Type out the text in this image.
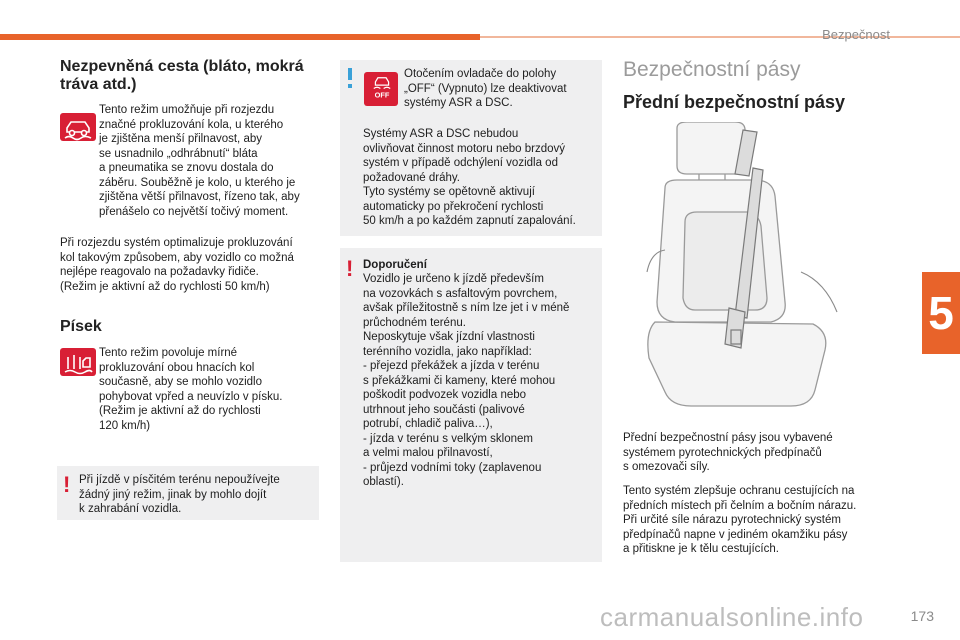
Bezpečnost
5
Nezpevněná cesta (bláto, mokrá tráva atd.)
Tento režim umožňuje při rozjezdu
značné prokluzování kola, u kterého
je zjištěna menší přilnavost, aby
se usnadnilo „odhrábnutí“ bláta
a pneumatika se znovu dostala do
záběru. Souběžně je kolo, u kterého je
zjištěna větší přilnavost, řízeno tak, aby
přenášelo co největší točivý moment.
Při rozjezdu systém optimalizuje prokluzování
kol takovým způsobem, aby vozidlo co možná
nejlépe reagovalo na požadavky řidiče.
(Režim je aktivní až do rychlosti 50 km/h)
Písek
Tento režim povoluje mírné
prokluzování obou hnacích kol
současně, aby se mohlo vozidlo
pohybovat vpřed a neuvízlo v písku.
(Režim je aktivní až do rychlosti
120 km/h)
! Při jízdě v písčitém terénu nepoužívejte
žádný jiný režim, jinak by mohlo dojít
k zahrabání vozidla.
OFF
Otočením ovladače do polohy
„OFF“ (Vypnuto) lze deaktivovat
systémy ASR a DSC.
Systémy ASR a DSC nebudou
ovlivňovat činnost motoru nebo brzdový
systém v případě odchýlení vozidla od
požadované dráhy.
Tyto systémy se opětovně aktivují
automaticky po překročení rychlosti
50 km/h a po každém zapnutí zapalování.
! Doporučení
Vozidlo je určeno k jízdě především
na vozovkách s asfaltovým povrchem,
avšak příležitostně s ním lze jet i v méně
průchodném terénu.
Neposkytuje však jízdní vlastnosti
terénního vozidla, jako například:
- přejezd překážek a jízda v terénu
s překážkami či kameny, které mohou
poškodit podvozek vozidla nebo
utrhnout jeho součásti (palivové
potrubí, chladič paliva…),
- jízda v terénu s velkým sklonem
a velmi malou přilnavostí,
- průjezd vodními toky (zaplavenou
oblastí).
Bezpečnostní pásy
Přední bezpečnostní pásy
Přední bezpečnostní pásy jsou vybavené
systémem pyrotechnických předpínačů
s omezovači síly.
Tento systém zlepšuje ochranu cestujících na
předních místech při čelním a bočním nárazu.
Při určité síle nárazu pyrotechnický systém
předpínačů napne v jediném okamžiku pásy
a přitiskne je k tělu cestujících.
carmanualsonline.info	173
